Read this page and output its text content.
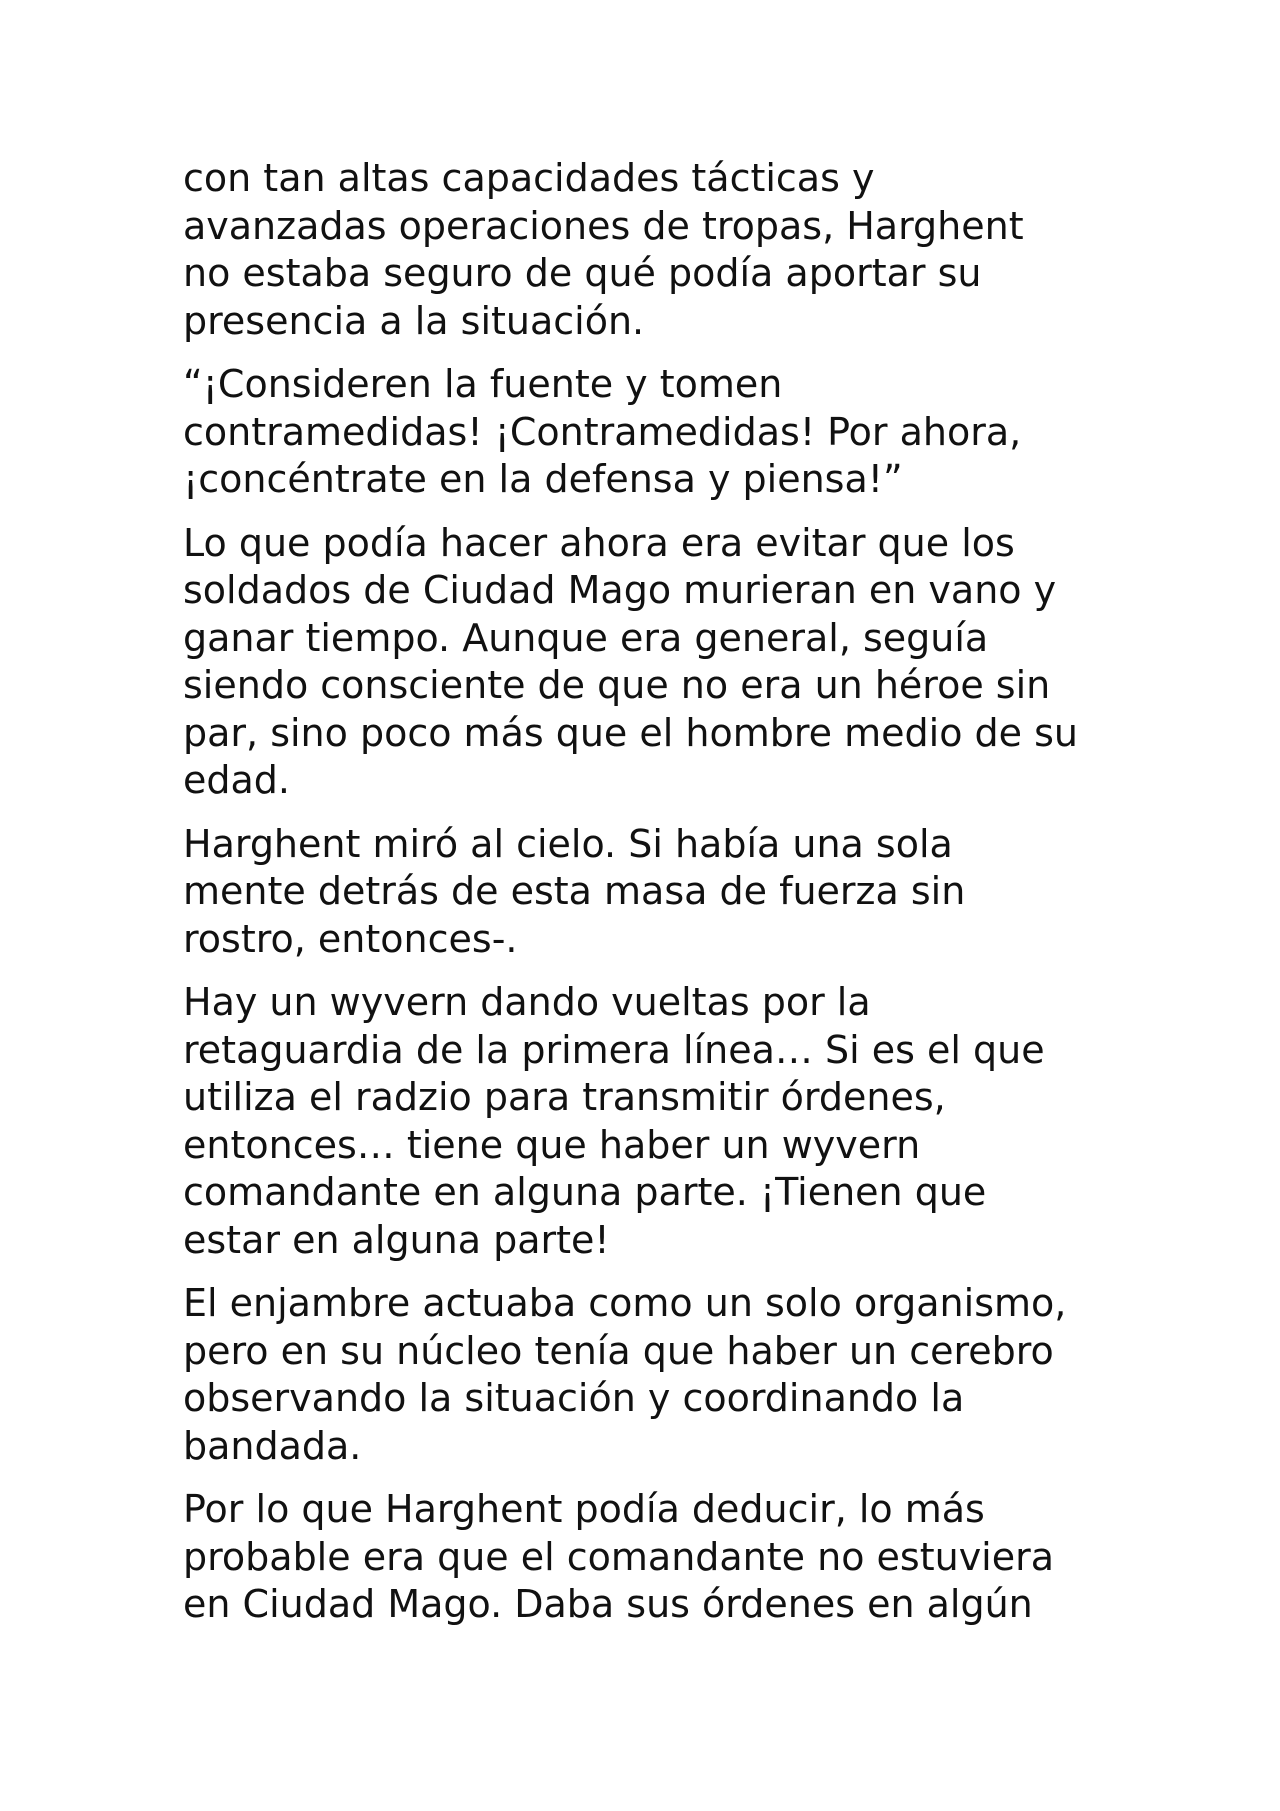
con tan altas capacidades tácticas y
avanzadas operaciones de tropas, Harghent
no estaba seguro de qué podía aportar su
presencia a la situación.

“¡Consideren la fuente y tomen
contramedidas! ¡Contramedidas! Por ahora,
¡concéntrate en la defensa y piensa!”

Lo que podía hacer ahora era evitar que los
soldados de Ciudad Mago murieran en vano y
ganar tiempo. Aunque era general, seguía
siendo consciente de que no era un héroe sin
par, sino poco más que el hombre medio de su
edad.

Harghent miró al cielo. Si había una sola
mente detrás de esta masa de fuerza sin
rostro, entonces-.

Hay un wyvern dando vueltas por la
retaguardia de la primera línea… Si es el que
utiliza el radzio para transmitir órdenes,
entonces… tiene que haber un wyvern
comandante en alguna parte. ¡Tienen que
estar en alguna parte!

El enjambre actuaba como un solo organismo,
pero en su núcleo tenía que haber un cerebro
observando la situación y coordinando la
bandada.

Por lo que Harghent podía deducir, lo más
probable era que el comandante no estuviera
en Ciudad Mago. Daba sus órdenes en algún
